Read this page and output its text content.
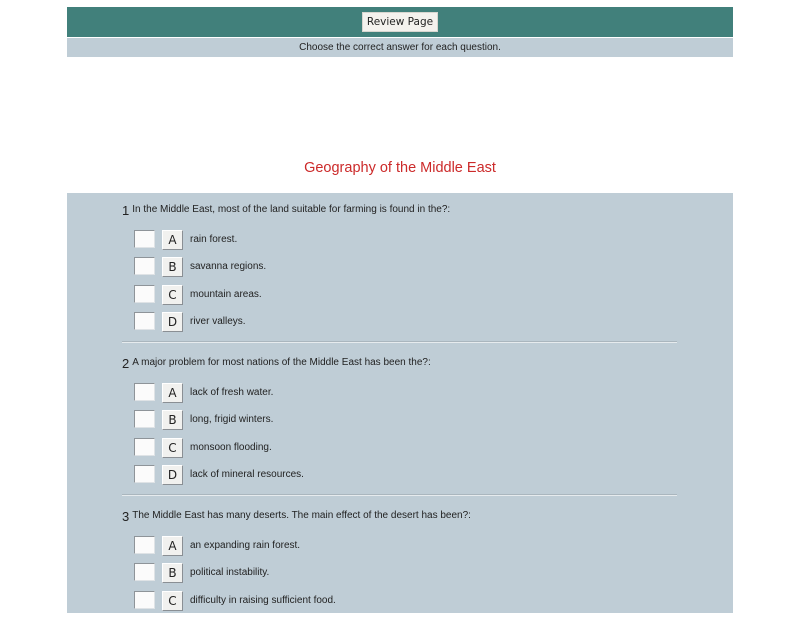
Review Page
Choose the correct answer for each question.
Geography of the Middle East
1 In the Middle East, most of the land suitable for farming is found in the?:
A	rain forest.
B	savanna regions.
C	mountain areas.
D	river valleys.
2 A major problem for most nations of the Middle East has been the?:
A	lack of fresh water.
B	long, frigid winters.
C	monsoon flooding.
D	lack of mineral resources.
3 The Middle East has many deserts. The main effect of the desert has been?:
A	an expanding rain forest.
B	political instability.
C	difficulty in raising sufficient food.
